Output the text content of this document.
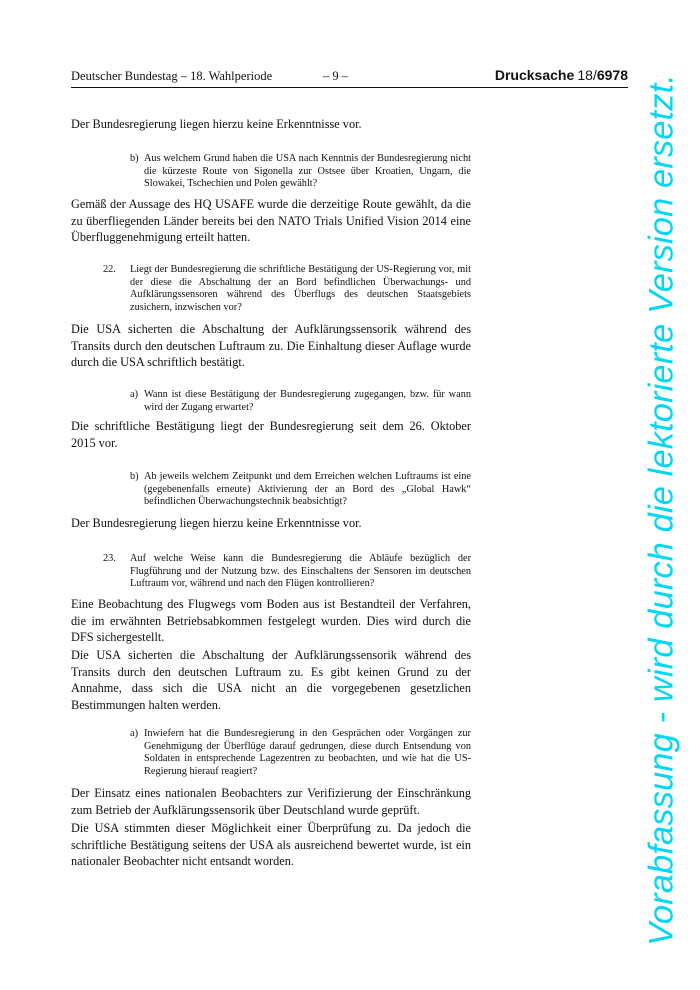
Deutscher Bundestag – 18. Wahlperiode	– 9 –	Drucksache 18/6978
Der Bundesregierung liegen hierzu keine Erkenntnisse vor.
b) Aus welchem Grund haben die USA nach Kenntnis der Bundesregierung nicht die kürzeste Route von Sigonella zur Ostsee über Kroatien, Ungarn, die Slowakei, Tschechien und Polen gewählt?
Gemäß der Aussage des HQ USAFE wurde die derzeitige Route gewählt, da die zu überfliegenden Länder bereits bei den NATO Trials Unified Vision 2014 eine Überfluggenehmigung erteilt hatten.
22. Liegt der Bundesregierung die schriftliche Bestätigung der US-Regierung vor, mit der diese die Abschaltung der an Bord befindlichen Überwachungs- und Aufklärungssensoren während des Überflugs des deutschen Staatsgebiets zusichern, inzwischen vor?
Die USA sicherten die Abschaltung der Aufklärungssensorik während des Transits durch den deutschen Luftraum zu. Die Einhaltung dieser Auflage wurde durch die USA schriftlich bestätigt.
a) Wann ist diese Bestätigung der Bundesregierung zugegangen, bzw. für wann wird der Zugang erwartet?
Die schriftliche Bestätigung liegt der Bundesregierung seit dem 26. Oktober 2015 vor.
b) Ab jeweils welchem Zeitpunkt und dem Erreichen welchen Luftraums ist eine (gegebenenfalls erneute) Aktivierung der an Bord des „Global Hawk“ befindlichen Überwachungstechnik beabsichtigt?
Der Bundesregierung liegen hierzu keine Erkenntnisse vor.
23. Auf welche Weise kann die Bundesregierung die Abläufe bezüglich der Flugführung und der Nutzung bzw. des Einschaltens der Sensoren im deutschen Luftraum vor, während und nach den Flügen kontrollieren?
Eine Beobachtung des Flugwegs vom Boden aus ist Bestandteil der Verfahren, die im erwähnten Betriebsabkommen festgelegt wurden. Dies wird durch die DFS sichergestellt.
Die USA sicherten die Abschaltung der Aufklärungssensorik während des Transits durch den deutschen Luftraum zu. Es gibt keinen Grund zu der Annahme, dass sich die USA nicht an die vorgegebenen gesetzlichen Bestimmungen halten werden.
a) Inwiefern hat die Bundesregierung in den Gesprächen oder Vorgängen zur Genehmigung der Überflüge darauf gedrungen, diese durch Entsendung von Soldaten in entsprechende Lagezentren zu beobachten, und wie hat die US-Regierung hierauf reagiert?
Der Einsatz eines nationalen Beobachters zur Verifizierung der Einschränkung zum Betrieb der Aufklärungssensorik über Deutschland wurde geprüft.
Die USA stimmten dieser Möglichkeit einer Überprüfung zu. Da jedoch die schriftliche Bestätigung seitens der USA als ausreichend bewertet wurde, ist ein nationaler Beobachter nicht entsandt worden.	Vorabfassung - wird durch die lektorierte Version ersetzt.
